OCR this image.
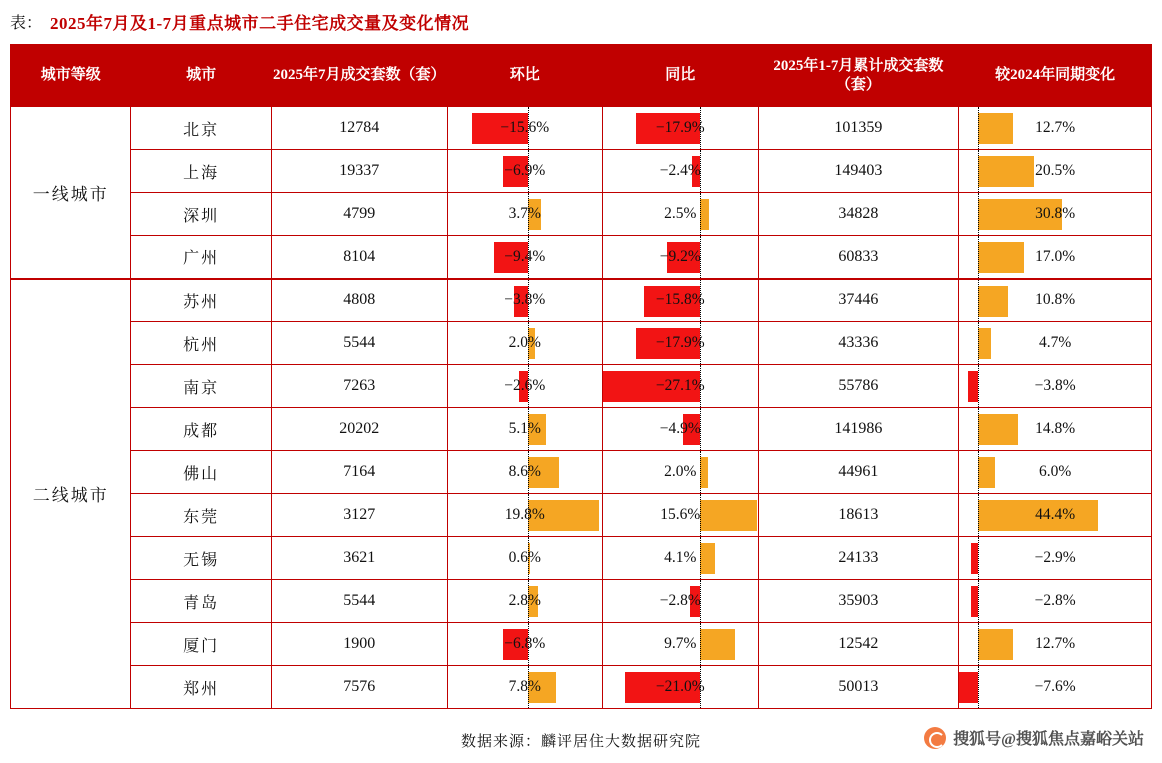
表： 2025年7月及1-7月重点城市二手住宅成交量及变化情况
城市等级	城市	2025年7月成交套数（套）	环比	同比	2025年1-7月累计成交套数（套）	较2024年同期变化
一线城市	北京	12784	−15.6%	−17.9%	101359	12.7%

	上海	19337	−6.9%	−2.4%	149403	20.5%

	深圳	4799	3.7%	2.5%	34828	30.8%

	广州	8104	−9.4%	−9.2%	60833	17.0%

二线城市	苏州	4808	−3.8%	−15.8%	37446	10.8%

	杭州	5544	2.0%	−17.9%	43336	4.7%

	南京	7263	−2.6%	−27.1%	55786	−3.8%

	成都	20202	5.1%	−4.9%	141986	14.8%

	佛山	7164	8.6%	2.0%	44961	6.0%

	东莞	3127	19.8%	15.6%	18613	44.4%

	无锡	3621	0.6%	4.1%	24133	−2.9%

	青岛	5544	2.8%	−2.8%	35903	−2.8%

	厦门	1900	−6.8%	9.7%	12542	12.7%

	郑州	7576	7.8%	−21.0%	50013	−7.6%
数据来源：麟评居住大数据研究院	搜狐号@搜狐焦点嘉峪关站
